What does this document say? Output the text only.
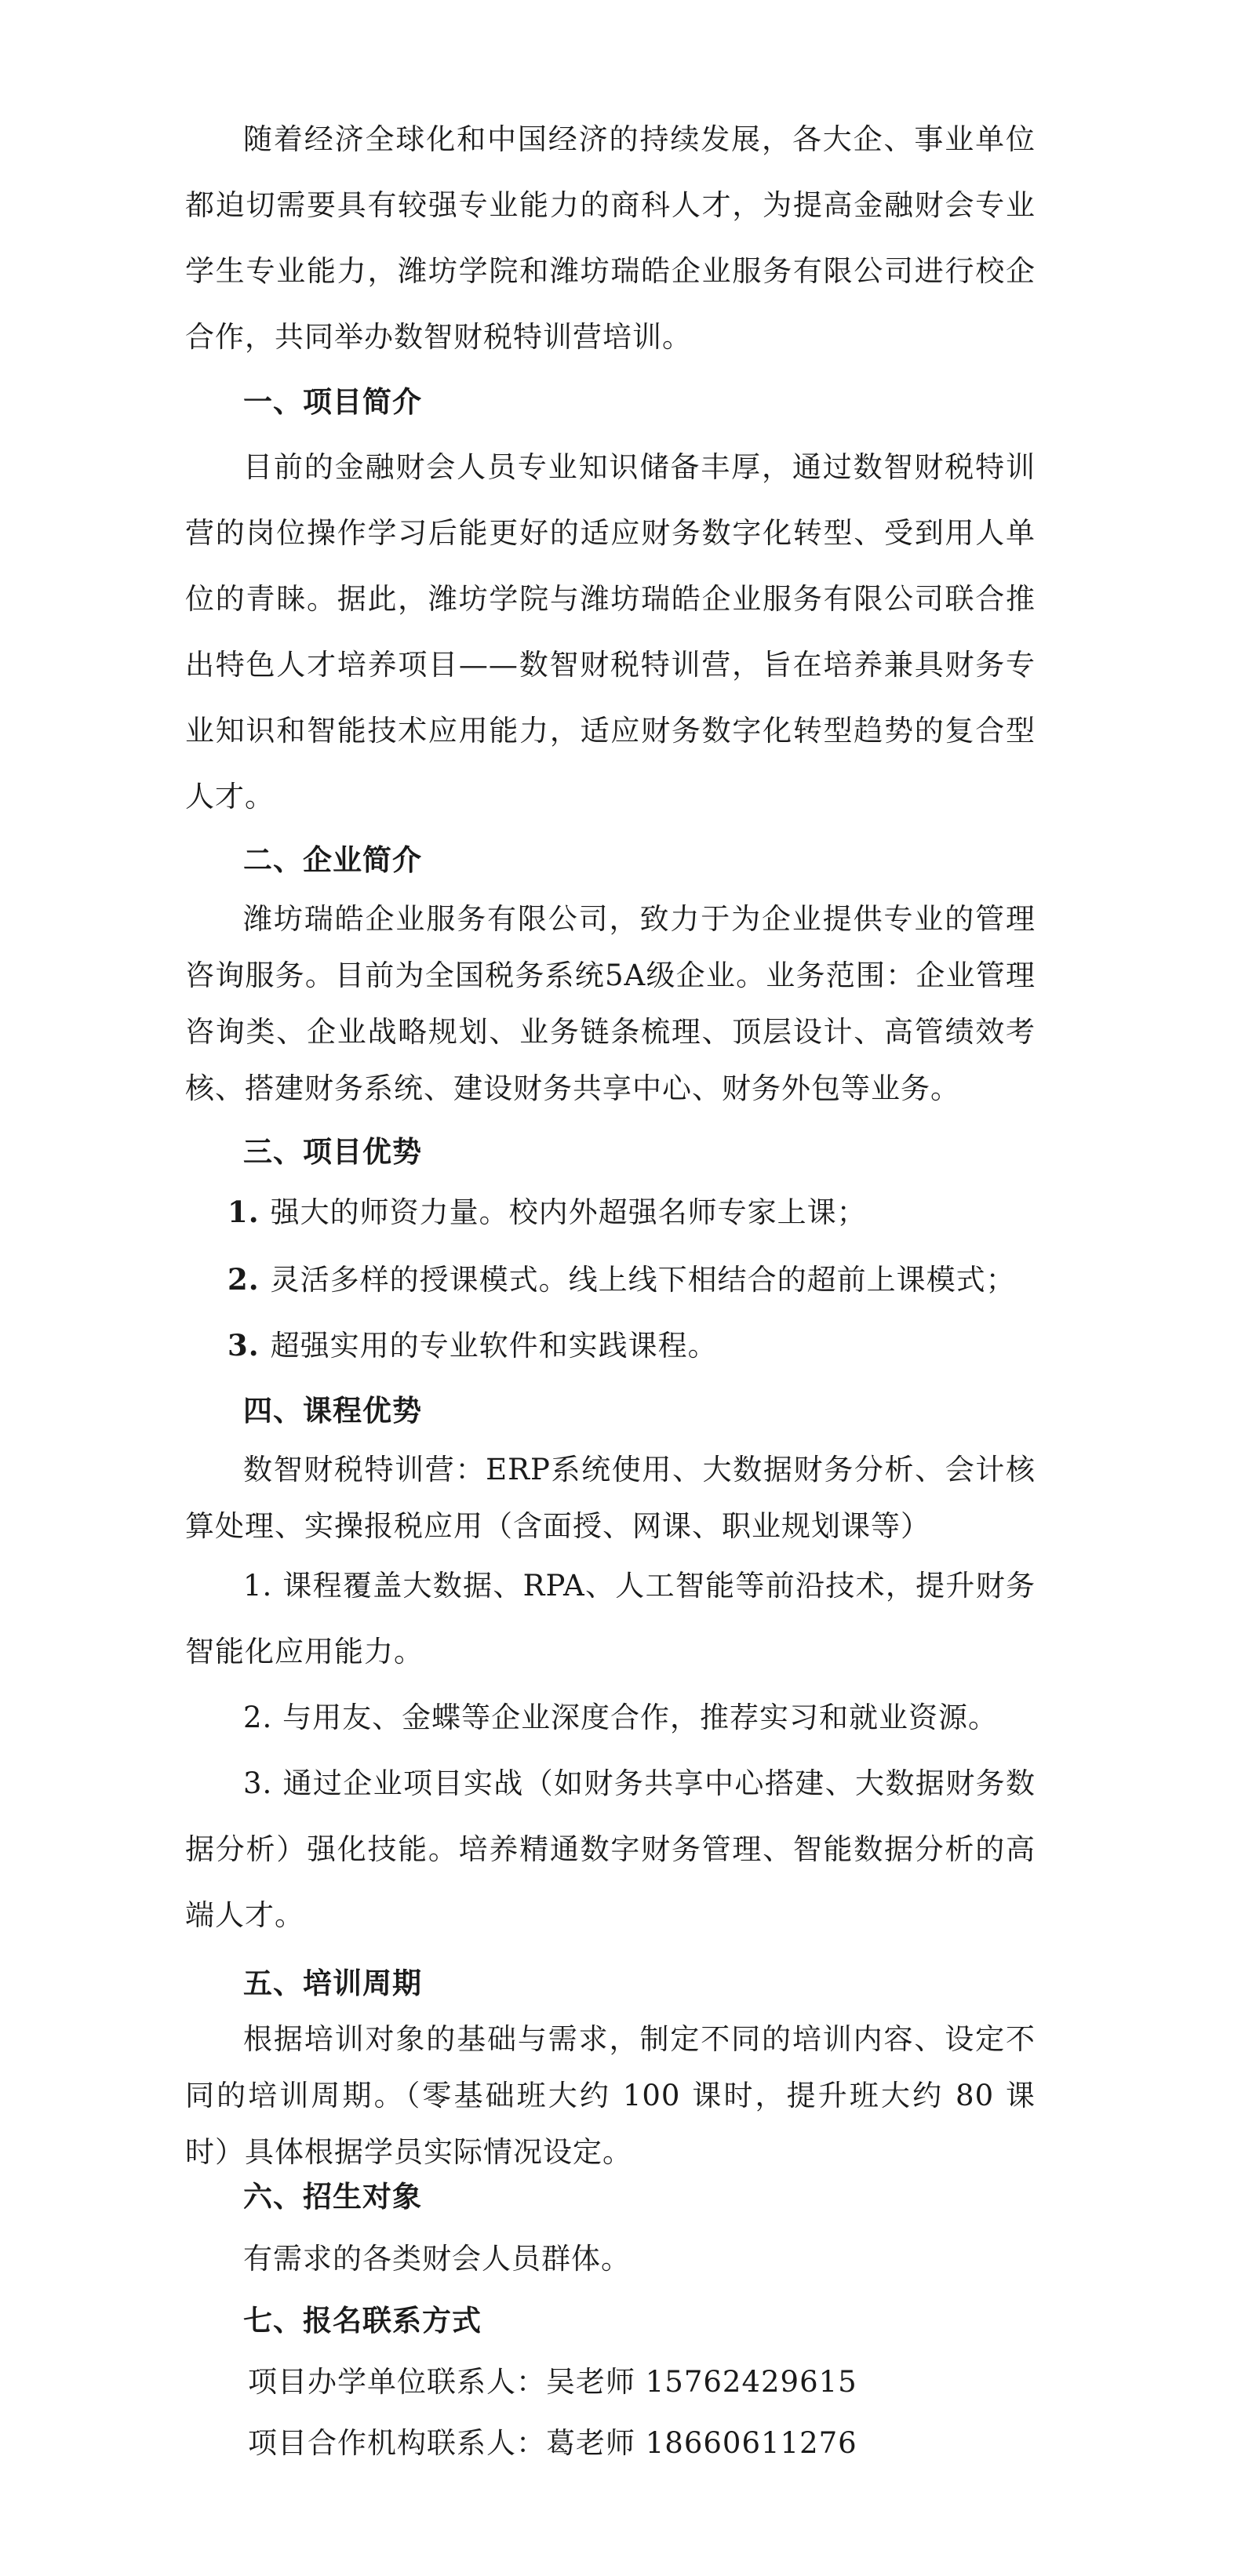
随着经济全球化和中国经济的持续发展，各大企、事业单位都迫切需要具有较强专业能力的商科人才，为提高金融财会专业学生专业能力，潍坊学院和潍坊瑞皓企业服务有限公司进行校企合作，共同举办数智财税特训营培训。

一、项目简介

目前的金融财会人员专业知识储备丰厚，通过数智财税特训营的岗位操作学习后能更好的适应财务数字化转型、受到用人单位的青睐。据此，潍坊学院与潍坊瑞皓企业服务有限公司联合推出特色人才培养项目——数智财税特训营，旨在培养兼具财务专业知识和智能技术应用能力，适应财务数字化转型趋势的复合型人才。

二、企业简介

潍坊瑞皓企业服务有限公司，致力于为企业提供专业的管理咨询服务。目前为全国税务系统5A级企业。业务范围：企业管理咨询类、企业战略规划、业务链条梳理、顶层设计、高管绩效考核、搭建财务系统、建设财务共享中心、财务外包等业务。

三、项目优势
1. 强大的师资力量。校内外超强名师专家上课；
2. 灵活多样的授课模式。线上线下相结合的超前上课模式；
3. 超强实用的专业软件和实践课程。
四、课程优势

数智财税特训营：ERP系统使用、大数据财务分析、会计核算处理、实操报税应用（含面授、网课、职业规划课等）

1. 课程覆盖大数据、RPA、人工智能等前沿技术，提升财务智能化应用能力。

2. 与用友、金蝶等企业深度合作，推荐实习和就业资源。

3. 通过企业项目实战（如财务共享中心搭建、大数据财务数据分析）强化技能。培养精通数字财务管理、智能数据分析的高端人才。

五、培训周期

根据培训对象的基础与需求，制定不同的培训内容、设定不同的培训周期。（零基础班大约 100 课时，提升班大约 80 课时）具体根据学员实际情况设定。

六、招生对象

有需求的各类财会人员群体。

七、报名联系方式
项目办学单位联系人：吴老师 15762429615
项目合作机构联系人：葛老师 18660611276
